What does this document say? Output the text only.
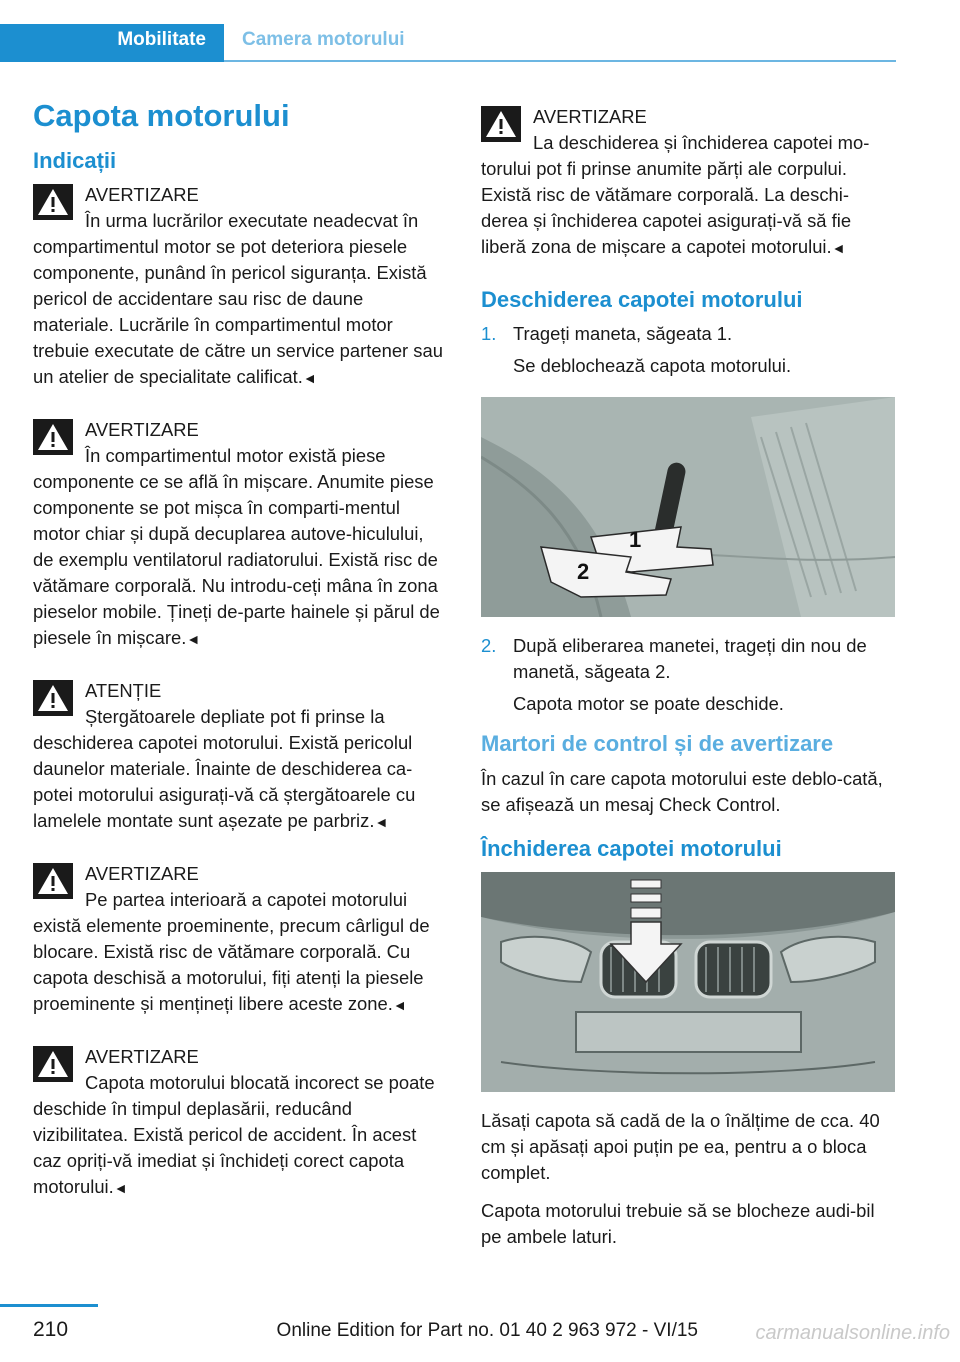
Mobilitate	Camera motorului
Capota motorului
Indicații
AVERTIZARE
În urma lucrărilor executate neadecvat în compartimentul motor se pot deteriora piesele componente, punând în pericol siguranța. Există pericol de accidentare sau risc de daune materiale. Lucrările în compartimentul motor trebuie executate de către un service partener sau un atelier de specialitate calificat.◄
AVERTIZARE
În compartimentul motor există piese componente ce se află în mișcare. Anumite piese componente se pot mișca în comparti‐mentul motor chiar și după decuplarea autove‐hiculului, de exemplu ventilatorul radiatorului. Există risc de vătămare corporală. Nu introdu‐ceți mâna în zona pieselor mobile. Țineți de‐parte hainele și părul de piesele în mișcare.◄
ATENȚIE
Ștergătoarele depliate pot fi prinse la deschiderea capotei motorului. Există pericolul daunelor materiale. Înainte de deschiderea ca‐potei motorului asigurați-vă că ștergătoarele cu lamelele montate sunt așezate pe parbriz.◄
AVERTIZARE
Pe partea interioară a capotei motorului există elemente proeminente, precum cârligul de blocare. Există risc de vătămare corporală. Cu capota deschisă a motorului, fiți atenți la piesele proeminente și mențineți libere aceste zone.◄
AVERTIZARE
Capota motorului blocată incorect se poate deschide în timpul deplasării, reducând vizibilitatea. Există pericol de accident. În acest caz opriți-vă imediat și închideți corect capota motorului.◄
AVERTIZARE
La deschiderea și închiderea capotei mo‐torului pot fi prinse anumite părți ale corpului. Există risc de vătămare corporală. La deschi‐derea și închiderea capotei asigurați-vă să fie liberă zona de mișcare a capotei motorului.◄
Deschiderea capotei motorului
1. Trageți maneta, săgeata 1.
Se deblochează capota motorului.
1
2
2. După eliberarea manetei, trageți din nou de manetă, săgeata 2.
Capota motor se poate deschide.
Martori de control și de avertizare

În cazul în care capota motorului este deblo‐cată, se afișează un mesaj Check Control.

Închiderea capotei motorului

Lăsați capota să cadă de la o înălțime de cca. 40 cm și apăsați apoi puțin pe ea, pentru a o bloca complet.

Capota motorului trebuie să se blocheze audi‐bil pe ambele laturi.

210	Online Edition for Part no. 01 40 2 963 972 - VI/15	carmanualsonline.info
